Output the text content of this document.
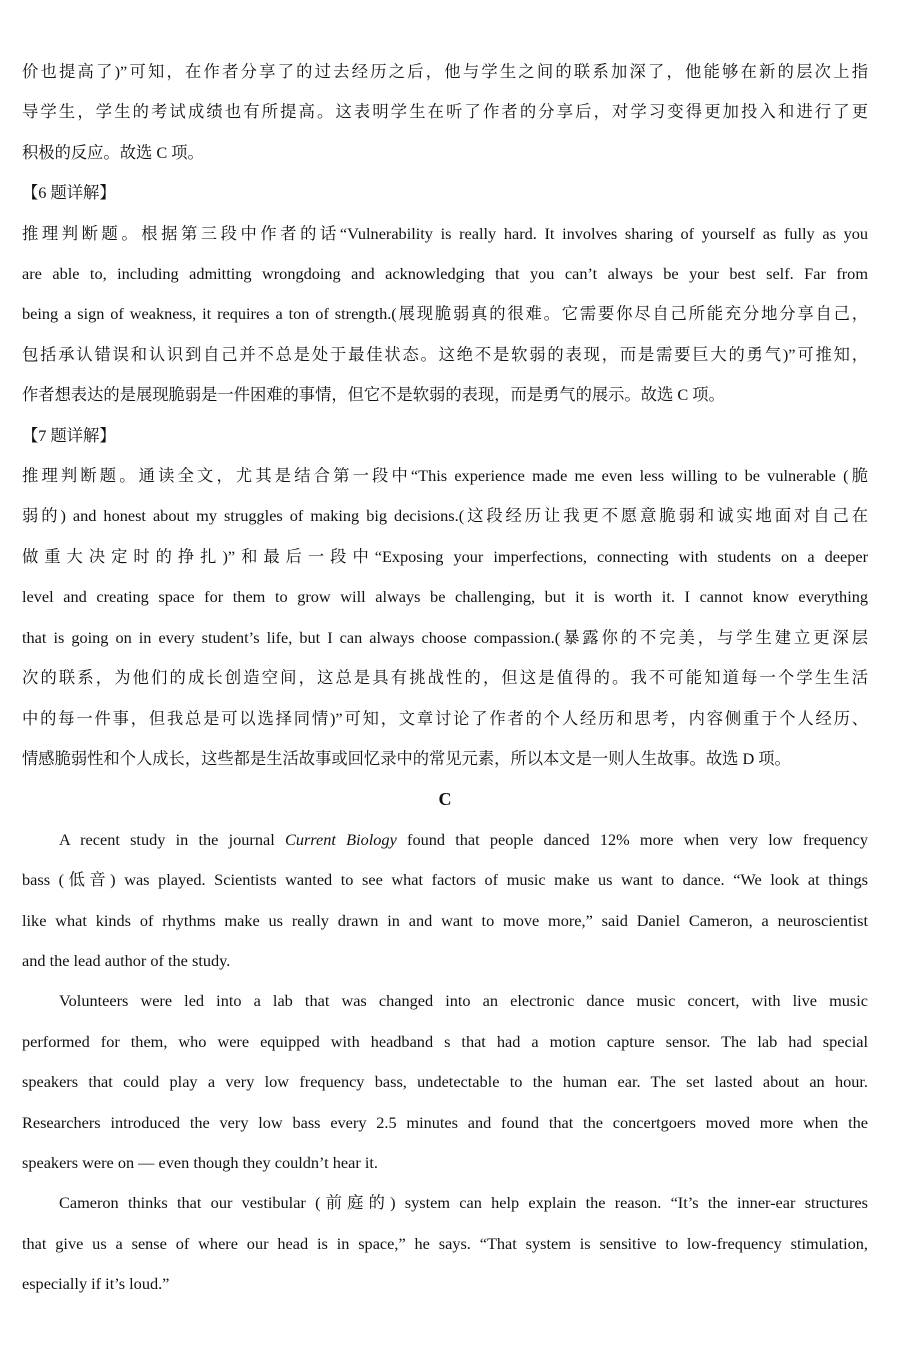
价也提高了)”可知，在作者分享了的过去经历之后，他与学生之间的联系加深了，他能够在新的层次上指
导学生，学生的考试成绩也有所提高。这表明学生在听了作者的分享后，对学习变得更加投入和进行了更
积极的反应。故选 C 项。
【6 题详解】
推理判断题。根据第三段中作者的话“Vulnerability is really hard. It involves sharing of yourself as fully as you
are able to, including admitting wrongdoing and acknowledging that you can’t always be your best self. Far from
being a sign of weakness, it requires a ton of strength.(展现脆弱真的很难。它需要你尽自己所能充分地分享自己，
包括承认错误和认识到自己并不总是处于最佳状态。这绝不是软弱的表现，而是需要巨大的勇气)”可推知，
作者想表达的是展现脆弱是一件困难的事情，但它不是软弱的表现，而是勇气的展示。故选 C 项。
【7 题详解】
推理判断题。通读全文，尤其是结合第一段中“This experience made me even less willing to be vulnerable (脆
弱的) and honest about my struggles of making big decisions.(这段经历让我更不愿意脆弱和诚实地面对自己在
做重大决定时的挣扎)”和最后一段中“Exposing your imperfections, connecting with students on a deeper
level and creating space for them to grow will always be challenging, but it is worth it. I cannot know everything
that is going on in every student’s life, but I can always choose compassion.(暴露你的不完美，与学生建立更深层
次的联系，为他们的成长创造空间，这总是具有挑战性的，但这是值得的。我不可能知道每一个学生生活
中的每一件事，但我总是可以选择同情)”可知，文章讨论了作者的个人经历和思考，内容侧重于个人经历、
情感脆弱性和个人成长，这些都是生活故事或回忆录中的常见元素，所以本文是一则人生故事。故选 D 项。
C
A recent study in the journal Current Biology found that people danced 12% more when very low frequency
bass (低音) was played. Scientists wanted to see what factors of music make us want to dance. “We look at things
like what kinds of rhythms make us really drawn in and want to move more,” said Daniel Cameron, a neuroscientist
and the lead author of the study.
Volunteers were led into a lab that was changed into an electronic dance music concert, with live music
performed for them, who were equipped with headband s that had a motion capture sensor. The lab had special
speakers that could play a very low frequency bass, undetectable to the human ear. The set lasted about an hour.
Researchers introduced the very low bass every 2.5 minutes and found that the concertgoers moved more when the
speakers were on — even though they couldn’t hear it.
Cameron thinks that our vestibular (前庭的) system can help explain the reason. “It’s the inner-ear structures
that give us a sense of where our head is in space,” he says. “That system is sensitive to low-frequency stimulation,
especially if it’s loud.”
